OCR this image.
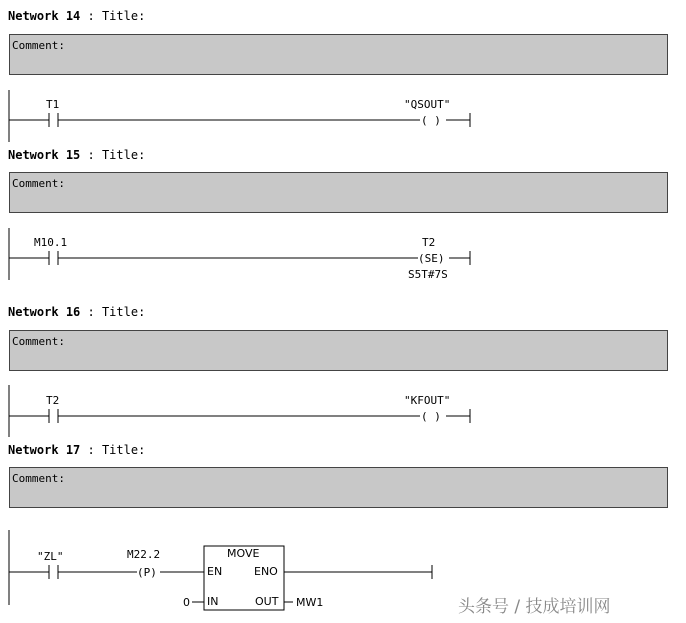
Network 14 : Title:
Comment:
T1	"QSOUT"
( )
Network 15 : Title:
Comment:
M10.1	T2
(SE)
S5T#7S
Network 16 : Title:
Comment:
T2	"KFOUT"
( )
Network 17 : Title:
Comment:
"ZL"	M22.2
(P)
MOVE
EN	ENO
IN	OUT
0	MW1	头条号 / 技成培训网
